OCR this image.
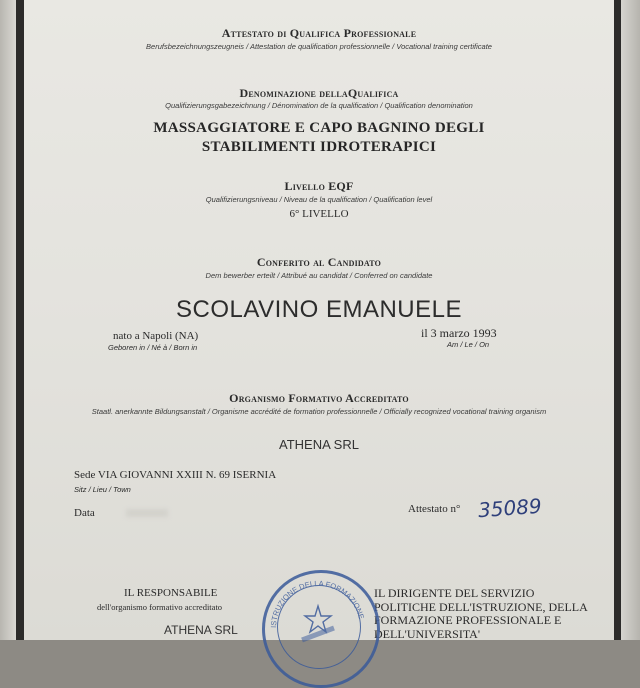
Attestato di Qualifica Professionale
Berufsbezeichnungszeugneis / Attestation de qualification professionnelle / Vocational training certificate
Denominazione dellaQualifica
Qualifizierungsgabezeichnung / Dénomination de la qualification / Qualification denomination
MASSAGGIATORE E CAPO BAGNINO DEGLI
STABILIMENTI IDROTERAPICI
Livello EQF
Qualifizierungsniveau / Niveau de la qualification / Qualification level
6° LIVELLO
Conferito al Candidato
Dem bewerber erteilt / Attribué au candidat / Conferred on candidate
SCOLAVINO EMANUELE
nato a Napoli (NA)
Geboren in / Né à / Born in
il 3 marzo 1993
Am / Le / On
Organismo Formativo Accreditato
Staatl. anerkannte Bildungsanstalt / Organisme accrédité de formation professionnelle / Officially recognized vocational training organism
ATHENA SRL
Sede VIA GIOVANNI XXIII N. 69 ISERNIA
Sitz / Lieu / Town
Data	Attestato n° 35089
IL RESPONSABILE
dell'organismo formativo accreditato
ATHENA SRL
IL DIRIGENTE DEL SERVIZIO
POLITICHE DELL'ISTRUZIONE, DELLA
FORMAZIONE PROFESSIONALE E
DELL'UNIVERSITA'
ISTRUZIONE DELLA FORMAZIONE
